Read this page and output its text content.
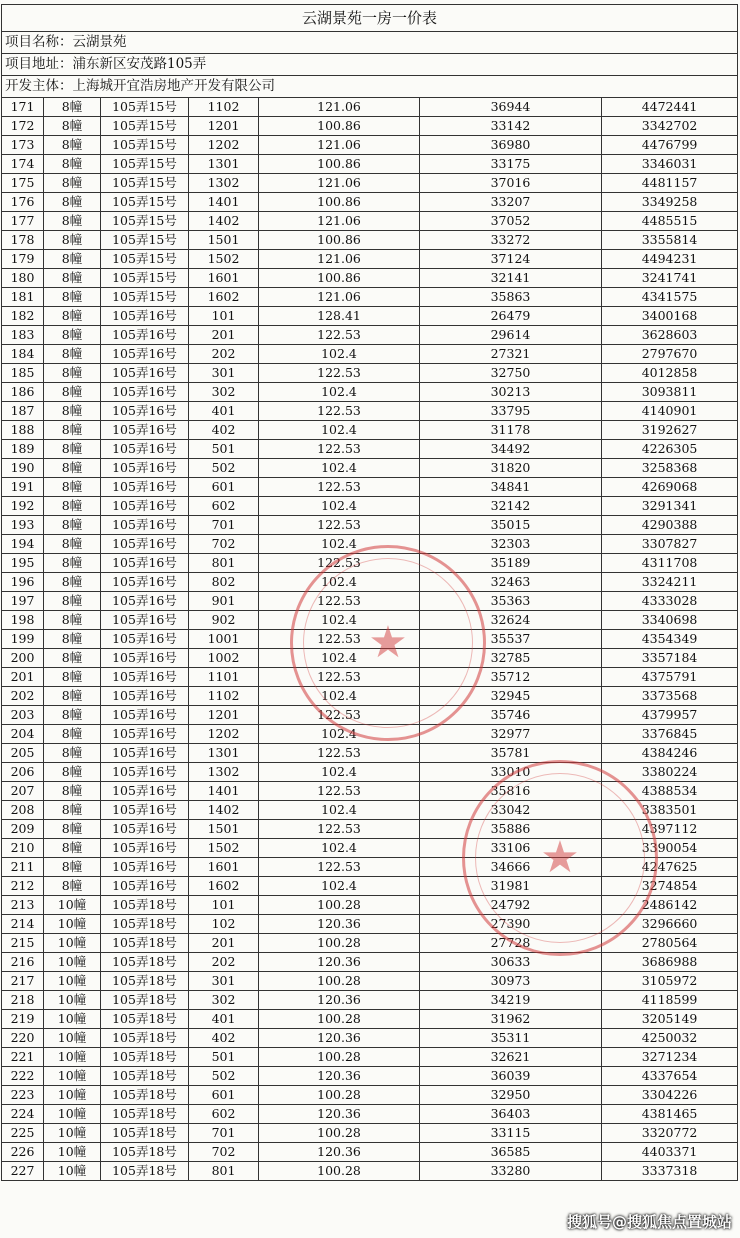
云湖景苑一房一价表						
项目名称：云湖景苑						
项目地址：浦东新区安茂路105弄						
开发主体：上海城开宜浩房地产开发有限公司						
171	8幢	105弄15号	1102	121.06	36944	4472441
172	8幢	105弄15号	1201	100.86	33142	3342702
173	8幢	105弄15号	1202	121.06	36980	4476799
174	8幢	105弄15号	1301	100.86	33175	3346031
175	8幢	105弄15号	1302	121.06	37016	4481157
176	8幢	105弄15号	1401	100.86	33207	3349258
177	8幢	105弄15号	1402	121.06	37052	4485515
178	8幢	105弄15号	1501	100.86	33272	3355814
179	8幢	105弄15号	1502	121.06	37124	4494231
180	8幢	105弄15号	1601	100.86	32141	3241741
181	8幢	105弄15号	1602	121.06	35863	4341575
182	8幢	105弄16号	101	128.41	26479	3400168
183	8幢	105弄16号	201	122.53	29614	3628603
184	8幢	105弄16号	202	102.4	27321	2797670
185	8幢	105弄16号	301	122.53	32750	4012858
186	8幢	105弄16号	302	102.4	30213	3093811
187	8幢	105弄16号	401	122.53	33795	4140901
188	8幢	105弄16号	402	102.4	31178	3192627
189	8幢	105弄16号	501	122.53	34492	4226305
190	8幢	105弄16号	502	102.4	31820	3258368
191	8幢	105弄16号	601	122.53	34841	4269068
192	8幢	105弄16号	602	102.4	32142	3291341
193	8幢	105弄16号	701	122.53	35015	4290388
194	8幢	105弄16号	702	102.4	32303	3307827
195	8幢	105弄16号	801	122.53	35189	4311708
196	8幢	105弄16号	802	102.4	32463	3324211
197	8幢	105弄16号	901	122.53	35363	4333028
198	8幢	105弄16号	902	102.4	32624	3340698
199	8幢	105弄16号	1001	122.53	35537	4354349
200	8幢	105弄16号	1002	102.4	32785	3357184
201	8幢	105弄16号	1101	122.53	35712	4375791
202	8幢	105弄16号	1102	102.4	32945	3373568
203	8幢	105弄16号	1201	122.53	35746	4379957
204	8幢	105弄16号	1202	102.4	32977	3376845
205	8幢	105弄16号	1301	122.53	35781	4384246
206	8幢	105弄16号	1302	102.4	33010	3380224
207	8幢	105弄16号	1401	122.53	35816	4388534
208	8幢	105弄16号	1402	102.4	33042	3383501
209	8幢	105弄16号	1501	122.53	35886	4397112
210	8幢	105弄16号	1502	102.4	33106	3390054
211	8幢	105弄16号	1601	122.53	34666	4247625
212	8幢	105弄16号	1602	102.4	31981	3274854
213	10幢	105弄18号	101	100.28	24792	2486142
214	10幢	105弄18号	102	120.36	27390	3296660
215	10幢	105弄18号	201	100.28	27728	2780564
216	10幢	105弄18号	202	120.36	30633	3686988
217	10幢	105弄18号	301	100.28	30973	3105972
218	10幢	105弄18号	302	120.36	34219	4118599
219	10幢	105弄18号	401	100.28	31962	3205149
220	10幢	105弄18号	402	120.36	35311	4250032
221	10幢	105弄18号	501	100.28	32621	3271234
222	10幢	105弄18号	502	120.36	36039	4337654
223	10幢	105弄18号	601	100.28	32950	3304226
224	10幢	105弄18号	602	120.36	36403	4381465
225	10幢	105弄18号	701	100.28	33115	3320772
226	10幢	105弄18号	702	120.36	36585	4403371
227	10幢	105弄18号	801	100.28	33280	3337318
★
★
搜狐号@搜狐焦点置城站
